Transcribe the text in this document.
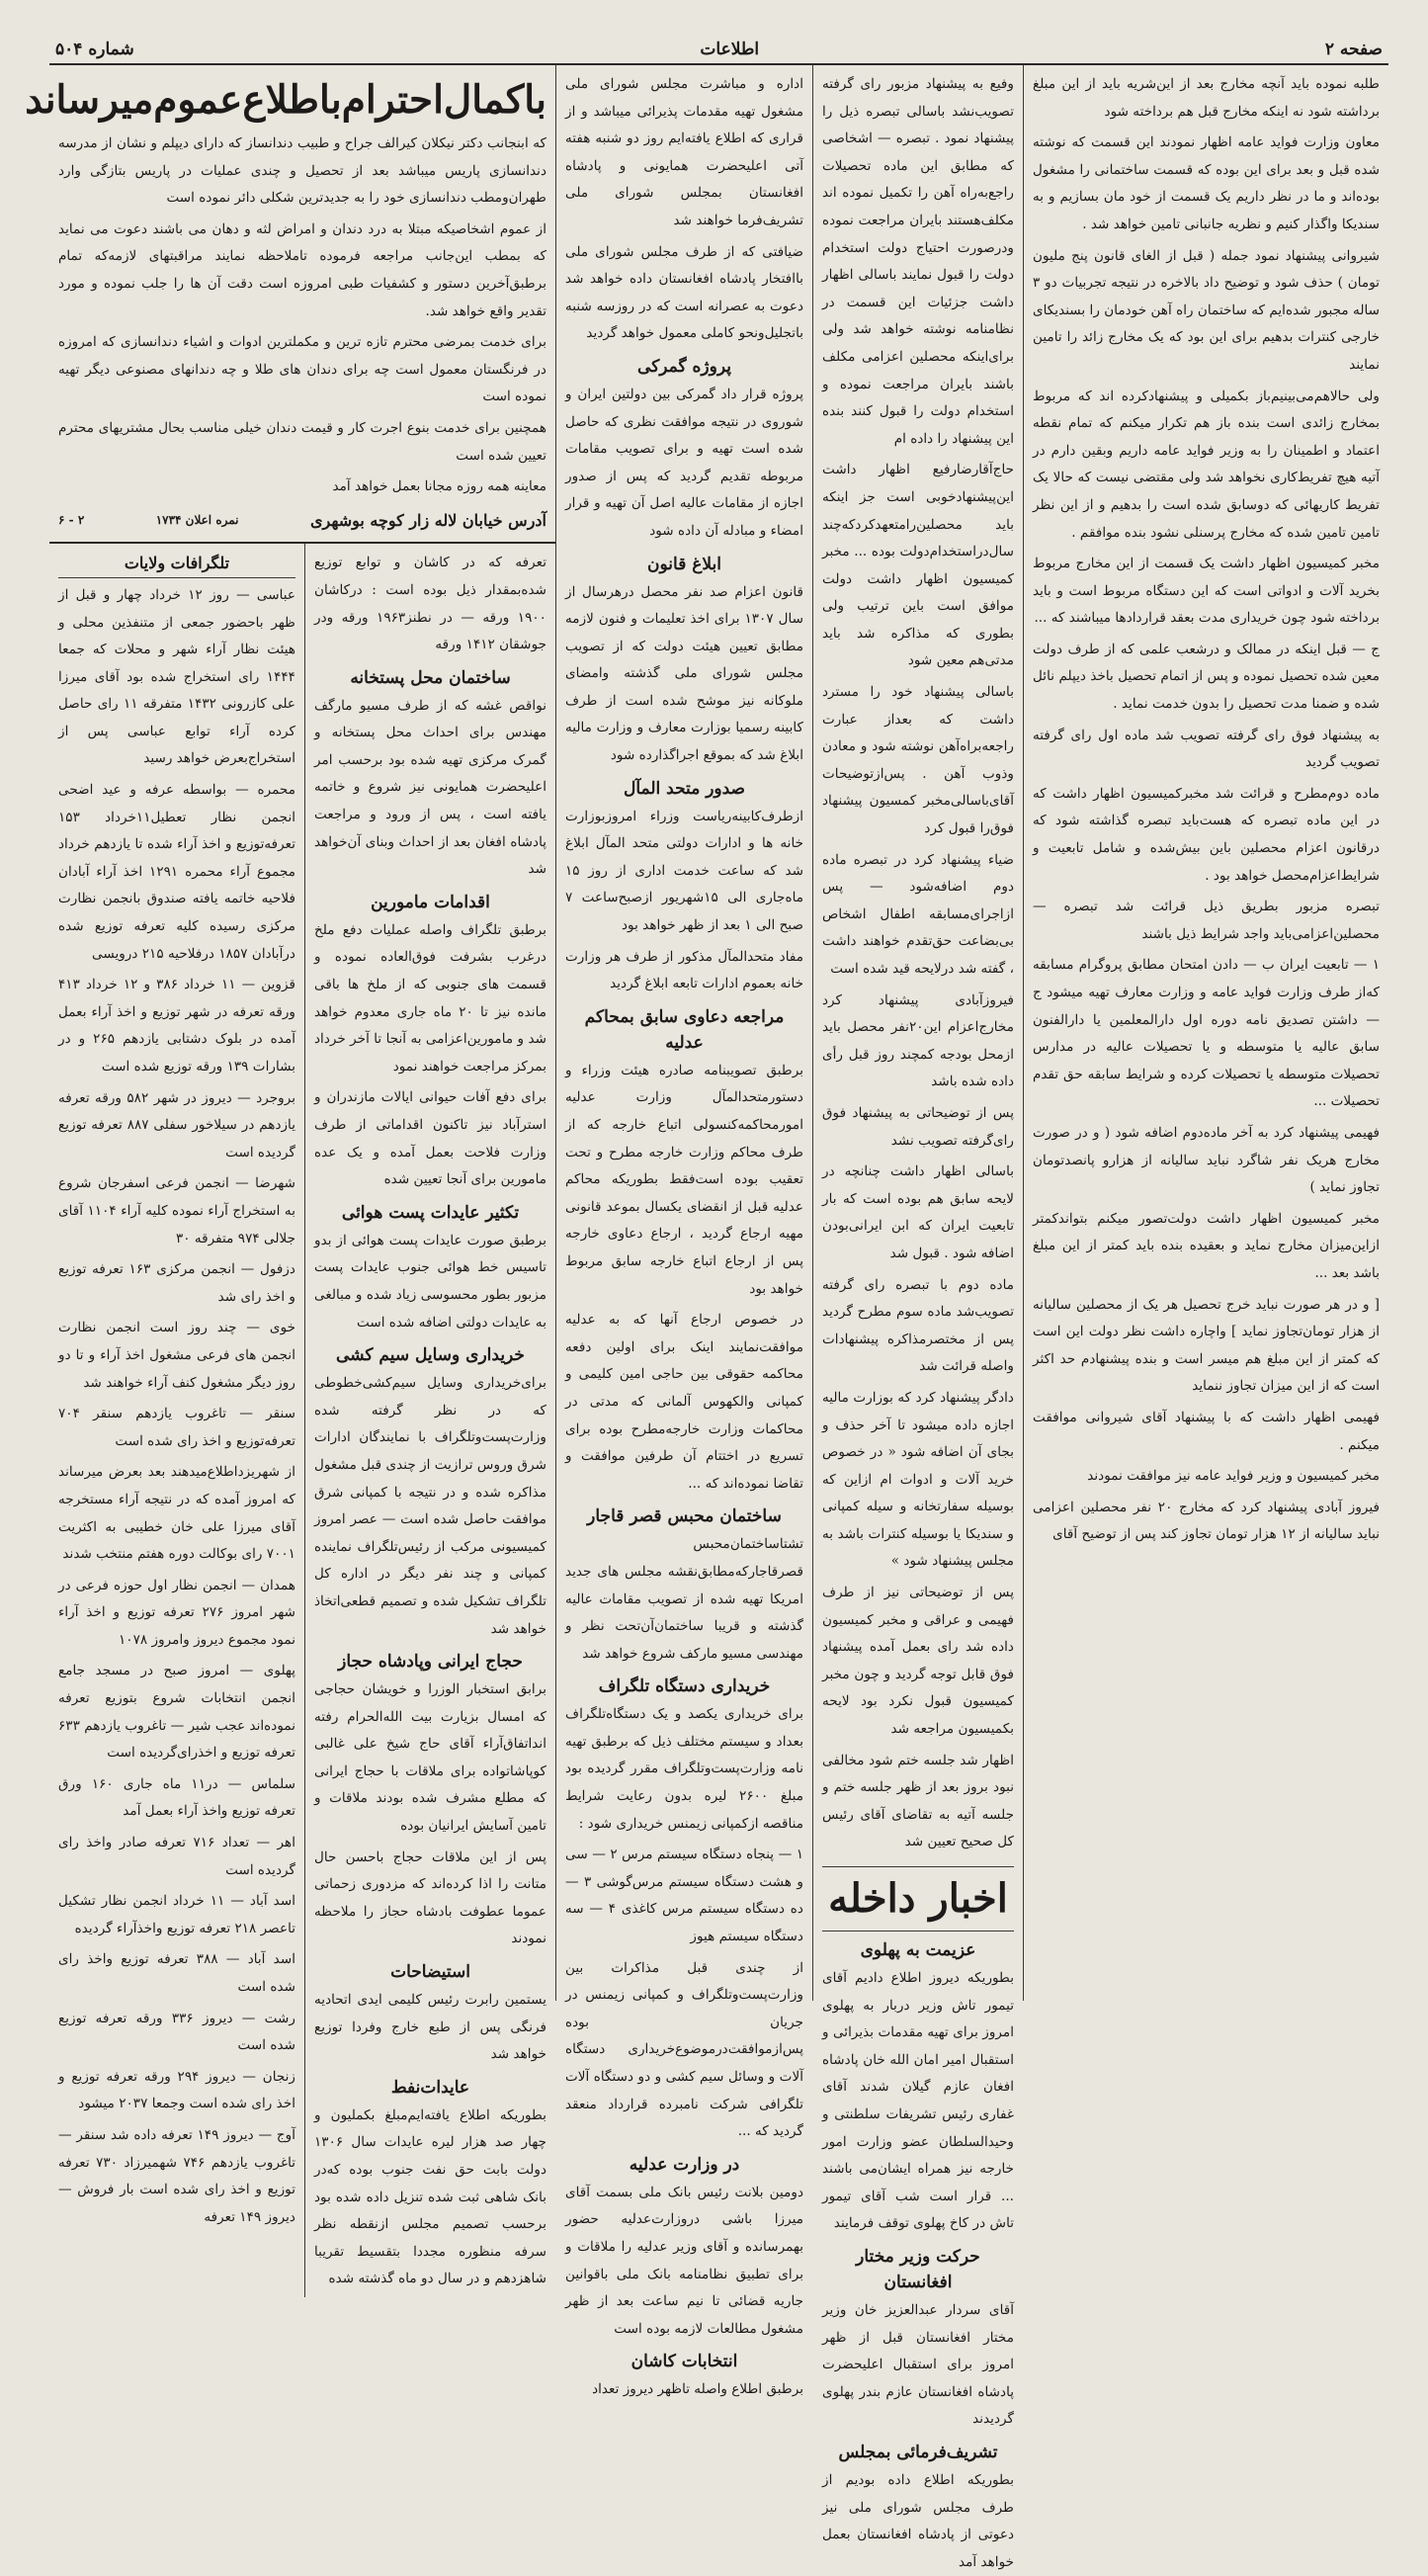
صفحه ۲
اطلاعات
شماره ۵۰۴

طلبه نموده باید آنچه مخارج بعد از این‌شریه باید از این مبلغ برداشته شود نه اینکه مخارج قبل هم برداخته شود

معاون وزارت فواید عامه اظهار نمودند این قسمت که نوشته شده قبل و بعد برای این بوده که قسمت ساختمانی را مشغول بوده‌اند و ما در نظر داریم یک قسمت از خود مان بسازیم و به سندیکا واگذار کنیم و نظریه جانبانی تامین خواهد شد .

شیروانی پیشنهاد نمود جمله ( قبل از الغای قانون پنج ملیون تومان ) حذف شود و توضیح داد بالاخره در نتیجه تجربیات دو ۳ ساله مجبور شده‌ایم که ساختمان راه آهن خودمان را بسندیکای خارجی کنترات بدهیم برای این بود که یک مخارج زائد را تامین نمایند

ولی حالاهم‌می‌بینیم‌باز بکمیلی و پیشنهاد‌کرده اند که مربوط بمخارج زائدی است بنده باز هم تکرار میکنم که تمام نقطه اعتماد و اطمینان را به وزیر فواید عامه داریم وبقین دارم در آتیه هیچ تفریط‌کاری نخواهد شد ولی مقتضی نیست که حالا یک تفریط کاریهائی که دوسابق شده است را بدهیم و از این نظر تامین تامین شده که مخارج پرسنلی نشود بنده موافقم .

مخبر کمیسیون اظهار داشت یک قسمت از این مخارج مربوط بخرید آلات و ادواتی است که این دستگاه مربوط است و باید برداخته شود چون خریداری مدت بعقد قرارداد‌ها میباشند که ...

ج — قبل اینکه در ممالک و درشعب علمی که از طرف دولت معین شده تحصیل نموده و پس از اتمام تحصیل باخذ دیپلم نائل شده و ضمنا مدت تحصیل را بدون خدمت نماید .

به پیشنهاد فوق رای گرفته تصویب شد ماده اول رای گرفته تصویب گردید

ماده دوم‌مطرح‌ و قرائت شد مخبر‌کمیسیون اظهار داشت که در این ماده تبصره که هست‌باید تبصره گذاشته شود که درقانون اعزام محصلین باین بیش‌شده و شامل تابعیت و شرایط‌اعزام‌محصل خواهد بود .

تبصره مزبور بطریق ذیل قرائت شد تبصره — محصلین‌اعزامی‌باید واجد شرایط ذیل باشند

۱ — تابعیت ایران ب — دادن امتحان مطابق پروگرام مسابقه که‌از طرف وزارت فواید عامه و وزارت معارف تهیه میشود ج — داشتن تصدیق نامه دوره اول دارالمعلمین یا دارالفنون سابق عالیه یا متوسطه و یا تحصیلات عالیه در مدارس تحصیلات متوسطه یا تحصیلات کرده و شرایط سابقه حق تقدم تحصیلات ...

فهیمی پیشنهاد کرد به آخر ماده‌دوم اضافه شود ( و در صورت مخارج هریک نفر شاگرد نباید سالیانه از هزارو پانصدتومان تجاوز نماید )

مخبر کمیسیون اظهار داشت دولت‌تصور میکنم بتواند‌کمتر ازاین‌میزان مخارج نماید و بعقیده بنده باید کمتر از این مبلغ باشد بعد ...

[ و در هر صورت نباید خرج تحصیل هر یک از محصلین سالیانه از هزار تومان‌تجاوز نماید ] و‌اچاره داشت نظر دولت این است که کمتر از این مبلغ هم میسر است و بنده پیشنهادم حد اکثر است که از این میزان تجاوز ننماید

فهیمی اظهار داشت که با پیشنهاد آقای شیروانی موافقت میکنم .

مخبر کمیسیون و وزیر فواید عامه نیز موافقت نمودند

فیروز آبادی پیشنهاد کرد که مخارج ۲۰ نفر محصلین اعزامی نباید سالیانه از ۱۲ هزار تومان تجاوز کند پس از توضیح آقای

وفیع به پیشنهاد مزبور رای گرفته تصویب‌نشد باسالی تبصره ذیل را پیشنهاد نمود . تبصره — اشخاصی که مطابق این ماده تحصیلات را‌جع‌به‌راه آهن را تکمیل نموده اند مکلف‌هستند بایران مراجعت نموده ودرصورت احتیاج دولت استخدام دولت را قبول نمایند باسالی اظهار داشت جزئیات این قسمت در نظامنامه نوشته خواهد شد ولی برای‌اینکه محصلین اعزامی مکلف باشند بایران مراجعت نموده و استخدام دولت را قبول کنند بنده این پیشنهاد را داده ام

حاج‌آقا‌رضارفیع اظهار داشت این‌پیشنهادخوبی است جز اینکه باید محصلین‌را‌متعهدکرد‌که‌چند سال‌در‌استخدام‌دولت بوده ... مخبر کمیسیون اظهار داشت دولت موافق است باین ترتیب ولی بطوری که مذاکره شد باید مدتی‌هم معین شود

باسالی پیشنهاد خود را مسترد داشت که بعداز عبارت راجعه‌براه‌آهن نوشته شود و معادن وذوب آهن . پس‌ازتوضیحات آقای‌باسالی‌مخبر کمسیون پیشنهاد فوق‌را قبول کرد

ضیاء پیشنهاد کرد در تبصره ماده دوم اضافه‌شود — پس ازاجرای‌مسابقه اطفال اشخاص بی‌بضاعت حق‌تقدم خواهند داشت ، گفته شد درلایحه قید شده است

فیروزآبادی پیشنهاد کرد مخارج‌اعزام این‌۲۰نفر محصل باید ازمحل بودجه کمچند روز قبل رأی داده شده باشد

پس از توضیحاتی به پیشنهاد فوق رای‌گرفته تصویب نشد

باسالی اظهار داشت چنانچه در لایحه سابق هم بوده است که بار تابعیت ایران که ابن ایرانی‌بودن اضافه شود . قبول شد

ماده دوم با تبصره رای گرفته تصویب‌شد ماده سوم مطرح گردید پس از مختصرمذاکره پیشنهادات واصله قرائت شد

دادگر پیشنهاد کرد که بوزارت مالیه اجازه داده میشود تا آخر حذف و بجای آن اضافه شود « در خصوص خرید آلات و ادوات ام ازاین که بوسیله سفارتخانه و سیله کمپانی و سندیکا یا بوسیله کنترات باشد به مجلس پیشنهاد شود »

پس از توضیحاتی نیز از طرف فهیمی و عراقی و مخبر کمیسیون داده شد رای بعمل آمده پیشنهاد فوق قابل توجه گردید و چون مخبر کمیسیون قبول نکرد بود لایحه بکمیسیون مراجعه شد

اظهار شد جلسه ختم شود مخالفی نبود بروز بعد از ظهر جلسه ختم و جلسه آتیه به تقاضای آقای رئیس کل صحیح تعیین شد

اخبار داخله
عزیمت به پهلوی

بطوریکه دیروز اطلاع دادیم آقای تیمور تاش وزیر دربار به پهلوی امروز برای تهیه مقدمات بذیرائی و استقبال امیر امان الله خان پادشاه افغان عازم گیلان شدند آقای غفاری رئیس تشریفات سلطنتی و وحیدالسلطان عضو وزارت امور خارجه نیز همراه ایشان‌می باشند ... قرار است شب آقای تیمور تاش در کاخ پهلوی توقف فرمایند

حرکت وزیر مختار افغانستان

آقای سردار عبدالعزیز خان وزیر مختار افغانستان قبل از ظهر امروز برای استقبال اعلیحضرت پادشاه افغانستان عازم بندر پهلوی گردیدند

تشریف‌فرمائی بمجلس

بطوریکه اطلاع داده بودیم از طرف مجلس شورای ملی نیز دعوتی از پادشاه افغانستان بعمل خواهد آمد

اداره و مباشرت مجلس شورای ملی مشغول تهیه مقدمات پذیرائی میباشد و از قراری که اطلاع یافته‌ایم روز دو شنبه هفته آتی اعلیحضرت همایونی و پادشاه افغانستان بمجلس شورای ملی تشریف‌فرما خواهند شد

ضیافتی که از طرف مجلس شورای ملی باافتخار پادشاه افغانستان داده خواهد شد دعوت به عصرانه است که در روزسه شنبه با‌تجلیل‌ونحو کاملی معمول خواهد گردید

پروژه گمرکی

پروژه قرار داد گمرکی بین دولتین ایران و شوروی در نتیجه موافقت نظری که حاصل شده است تهیه و برای تصویب مقامات مربوطه تقدیم گردید که پس از صدور اجازه از مقامات عالیه اصل آن تهیه و قرار امضاء و مبادله آن داده شود

ابلاغ قانون

قانون اعزام صد نفر محصل درهرسال از سال ۱۳۰۷ برای اخذ تعلیمات و فنون لازمه مطابق تعیین هیئت دولت که از تصویب مجلس شورای ملی گذشته وامضای ملوکانه نیز موشح شده است از طرف کابینه رسمیا بوزارت معارف و وزارت مالیه ابلاغ شد که بموقع اجرا‌گذارده شود

صدور متحد المآل

ازطرف‌کابینه‌ریاست وزراء امروزبوزارت خانه ها و ادارات دولتی متحد المآل ابلاغ شد که ساعت خدمت اداری از روز ۱۵ ماه‌جاری الی ۱۵شهریور ازصبح‌ساعت ۷ صبح الی ۱ بعد از ظهر خواهد بود

مفاد متحد‌المآل مذکور از طرف هر وزارت خانه بعموم ادارات تابعه ابلاغ گردید

مراجعه دعاوی سابق بمحاکم عدلیه

برطبق تصویبنامه صادره هیئت وزراء و دستور‌متحدالمآل وزارت عدلیه امور‌محاکمه‌کنسولی اتباع خارجه که از طرف محاکم وزارت خارجه مطرح و تحت تعقیب بوده است‌فقط بطوریکه محاکم عدلیه قبل از انقضای یکسال بموعد قانونی مهیه ارجاع گردید ، ارجاع دعاوی خارجه پس از ارجاع اتباع خارجه سابق مربوط خواهد بود

در خصوص ارجاع آنها که به عدلیه موافقت‌نمایند اینک برای اولین دفعه محاکمه حقوقی بین حاجی امین کلیمی و کمپانی والکهوس آلمانی که مدتی در محاکمات وزارت خارجه‌مطرح بوده برای تسریع در اختتام آن طرفین موافقت و تقاضا نموده‌اند که ...

ساختمان محبس قصر قاجار

تشتاساختمان‌محبس قصرقاجار‌که‌مطابق‌نقشه مجلس های جدید امریکا تهیه شده از تصویب مقامات عالیه گذشته و قریبا ساختمان‌آن‌تحت نظر و مهندسی مسیو مارکف شروع خواهد شد

خریداری دستگاه تلگراف

برای خریداری یکصد و یک دستگاه‌تلگراف بعداد و سیستم مختلف ذیل که برطبق تهیه نامه وزارت‌پست‌وتلگراف مقرر گردیده بود مبلغ ۲۶۰۰ لیره بدون رعایت شرایط مناقصه ازکمپانی زیمنس خریداری شود :

۱ — پنجاه دستگاه سیستم مرس ۲ — سی و هشت دستگاه سیستم مرس‌گوشی ۳ — ده دستگاه سیستم مرس کاغذی ۴ — سه دستگاه سیستم هیوز

از چندی قبل مذاکرات بین وزارت‌پست‌وتلگراف و کمپانی زیمنس در جریان بوده پس‌ازموافقت‌درموضوع‌خریداری دستگاه آلات و وسائل سیم کشی و دو دستگاه آلات تلگرافی شرکت نامبرده قرارداد منعقد گردید که ...

در وزارت عدلیه

دومین بلانت رئیس بانک ملی بسمت آقای میرزا باشی دروزارت‌عدلیه حضور بهمرسانده و آقای وزیر عدلیه را ملاقات و برای تطبیق نظامنامه بانک ملی باقوانین جاریه‌ قضائی تا نیم ساعت بعد از ظهر مشغول مطالعات لازمه بوده است

انتخابات کاشان

برطبق اطلاع واصله تاظهر دیروز تعداد

باکمال‌احترام‌باطلاع‌عموم‌میرساند

که‌ ‌ابنجانب ‌دکتر نیکلان کیرالف جراح و طبیب دندانساز که دارای دیپلم و نشان از مدرسه دندانسازی پاریس میباشد بعد از تحصیل و چندی عملیات در پاریس بتازگی وارد طهران‌ومطب دندانسازی خود را به جدیدترین شکلی دائر نموده است

از عموم اشخاصیکه مبتلا به درد دندان و امراض لثه و دهان می باشند دعوت می نماید که بمطب این‌جانب مراجعه فرموده تاملاحظه نمایند مراقبتهای لازمه‌که تمام برطبق‌آخرین دستور و کشفیات طبی امروزه است دقت آن ها را جلب نموده و مورد تقدیر واقع خواهد شد.

برای خدمت بمرضی محترم تازه ترین و مکملترین ادوات و اشیاء دندانسازی که امروزه در فرنگستان معمول است چه برای دندان های طلا و چه دندانهای مصنوعی دیگر تهیه نموده است

همچنین برای خدمت بنوع اجرت کار و قیمت دندان خیلی مناسب بحال مشتریهای محترم تعیین شده است

معاینه همه روزه مجانا بعمل خواهد آمد

آدرس خیابان لاله زار کوچه بوشهری
نمره اعلان ۱۷۳۴
۲ - ۶

تعرفه که در کاشان و توابع توزیع شده‌بمقدار ذیل بوده است : درکاشان ۱۹۰۰ ورقه — در نطنز۱۹۶۳ ورقه ودر جوشقان ۱۴۱۲ ورقه

ساختمان محل پستخانه

نواقص غشه‌ که از طرف مسیو مارگف مهندس برای احداث محل پستخانه و گمرک مرکزی تهیه شده بود برحسب امر اعلیحضرت همایونی نیز شروع و خاتمه یافته است ، پس از ورود و مراجعت پادشاه افغان بعد از احداث وبنای آن‌خواهد شد

اقدامات مامورین

برطبق تلگراف واصله عملیات دفع ملخ درغرب بشرفت فوق‌العاده نموده و قسمت های جنوبی که از ملخ ها باقی مانده نیز تا ۲۰ ماه‌ جاری معدوم خواهد شد و مامورین‌اعزامی به آنجا تا آخر خرداد بمرکز مراجعت خواهند نمود

برای دفع آفات حیوانی ایالات مازندران و استرآباد نیز تاکنون اقداماتی از طرف وزارت فلاحت بعمل آمده و یک عده مامورین برای آنجا تعیین شده

تکثیر عایدات پست هوائی

برطبق صورت عایدات پست هوائی از بدو تاسیس خط هوائی جنوب عایدات پست مزبور بطور محسوسی زیاد شده و مبالغی به عایدات دولتی اضافه شده است

خریداری وسایل سیم کشی

برای‌خریداری وسایل سیم‌کشی‌خطوطی که در نظر گرفته شده وزارت‌پست‌وتلگراف با نمایندگان ادارات شرق وروس ترازیت از چندی قبل مشغول مذاکره شده و در نتیجه با کمپانی شرق موافقت حاصل شده است — عصر امروز کمیسیونی مرکب از رئیس‌تلگراف نماینده کمپانی و چند نفر دیگر در اداره کل تلگراف تشکیل شده و تصمیم قطعی‌اتخاذ خواهد شد

حجاج ایرانی وپادشاه حجاز

برابق استخبار الوزرا و خویشان حجاجی که امسال بزیارت بیت الله‌الحرام رفته اند‌اتفاق‌آراء آقای حاج شیخ علی غالبی کوپاشاتواده برای ملاقات با حجاج ایرانی که مطلع مشرف شده بودند ملاقات و تامین آسایش ایرانیان بوده

پس از این ملاقات حجاج با‌حسن حال متانت را اذا کرده‌اند که مزدوری زحماتی عموما‌ عطوفت بادشاه حجاز را ملاحظه نمودند

استیضاحات

یستمین رابرت رئیس کلیمی ایدی اتحادیه فرنگی پس از طبع خارج وفردا توزیع خواهد شد

عایدات‌نفط

بطوریکه اطلاع یافته‌ایم‌مبلغ بکملیون و چهار صد هزار لیره عایدات سال ۱۳۰۶ دولت بابت حق نفت جنوب بوده که‌در بانک شاهی ثبت شده تنزیل داده شده بود برحسب تصمیم مجلس ازنقطه نظر سرفه منظوره مجددا بتقسیط تقریبا ‌شاهزدهم و در سال دو ماه گذشته شده

تلگرافات ولایات

عباسی — روز ۱۲ خرداد چهار و قبل از ظهر باحضور جمعی از متنفذین محلی و هیئت نظار آراء شهر و محلات که جمعا ۱۴۴۴ رای استخراج شده بود آقای میرزا علی کازرونی ۱۴۳۲ متفرقه ۱۱ رای حاصل کرده آراء توابع عباسی پس از استخراج‌بعرض خواهد رسید

محمره — بواسطه عرفه و عید اضحی انجمن نظار تعطیل۱۱خرداد ۱۵۳ تعرفه‌توزیع و اخذ آراء شده تا یازدهم خرداد مجموع آراء محمره ۱۲۹۱ اخذ آراء آبادان فلاحیه خاتمه یافته صندوق بانجمن نظارت مرکزی رسیده کلیه تعرفه توزیع شده درآبادان ۱۸۵۷ درفلاحیه ۲۱۵ درویسی

قزوین — ۱۱ خرداد ۳۸۶ و ۱۲ خرداد ۴۱۳ ورقه تعرفه در شهر توزیع و اخذ آراء بعمل آمده در بلوک دشتابی یازدهم ۲۶۵ و در بشارات ۱۳۹ ورقه توزیع شده است

بروجرد — دیروز در شهر ۵۸۲ ورقه تعرفه یازدهم در سیلاخور سفلی ۸۸۷ تعرفه توزیع گردیده است

شهرضا — انجمن فرعی اسفرجان شروع به استخراج آراء نموده کلیه آراء ۱۱۰۴ آقای جلالی ۹۷۴ متفرقه ۳۰

دزفول — انجمن مرکزی ۱۶۳ تعرفه توزیع و اخذ رای شد

خوی — چند روز است انجمن نظارت انجمن های فرعی مشغول اخذ آراء و تا دو روز دیگر مشغول کنف آراء خواهند شد

سنقر — تاغروب یازدهم سنقر ۷۰۴ تعرفه‌توزیع و اخذ رای شده است

از شهریزد‌اطلاع‌میدهند بعد بعرض میرساند که امروز آمده که در نتیجه آراء مستخرجه آقای میرزا علی خان خطیبی به اکثریت ۷۰۰۱ رای بوکالت دوره هفتم منتخب شدند

همدان — انجمن نظار اول حوزه فرعی در شهر امروز ۲۷۶ تعرفه توزیع و اخذ آراء نمود مجموع دیروز وامروز ۱۰۷۸

پهلوی — امروز صبح در مسجد جامع انجمن انتخابات شروع بتوزیع تعرفه نموده‌اند عجب شیر — تاغروب یازدهم ۶۳۳ تعرفه توزیع و اخذرای‌گردیده است

سلماس — در۱۱ ماه جاری ۱۶۰ ورق تعرفه توزیع واخذ آراء بعمل آمد

اهر — تعداد ۷۱۶ تعرفه صادر واخذ رای گردیده است

اسد آباد — ۱۱ خرداد انجمن نظار تشکیل تاعصر ۲۱۸ تعرفه توزیع واخذآراء گردیده

اسد آباد — ۳۸۸ تعرفه توزیع واخذ رای شده است

رشت — دیروز ۳۳۶ ورقه تعرفه توزیع شده است

زنجان — دیروز ۲۹۴ ورقه تعرفه توزیع و اخذ رای شده است وجمعا ۲۰۳۷ میشود

آوج — دیروز ۱۴۹ تعرفه داده شد سنقر — تاغروب یازدهم ۷۴۶ شهمیرزاد ۷۳۰ تعرفه توزیع و اخذ رای شده است بار فروش — دیروز ۱۴۹ تعرفه
